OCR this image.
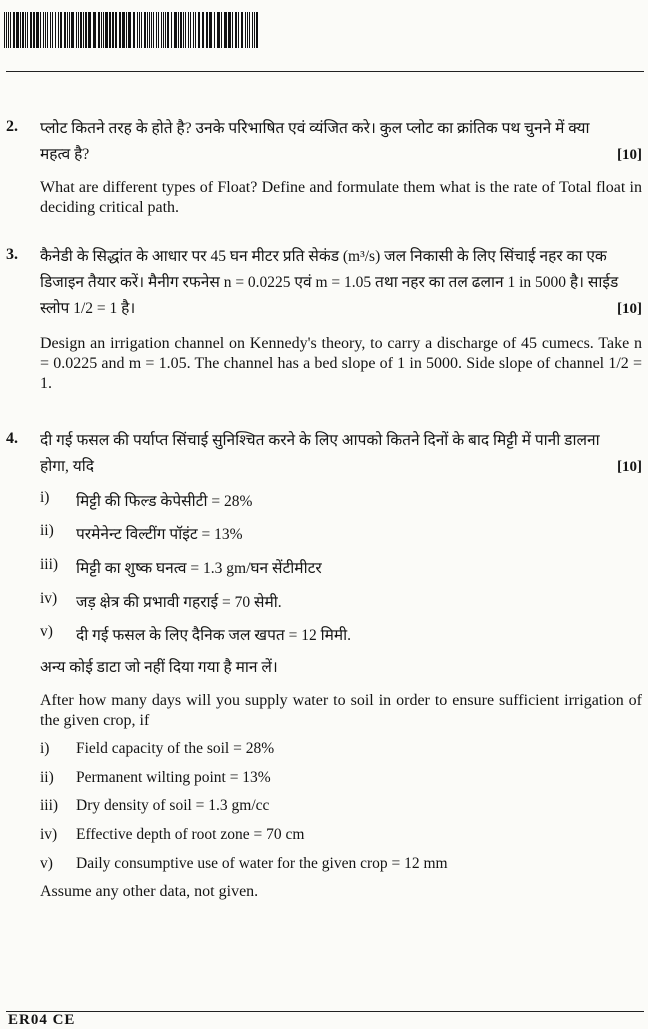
2. प्लोट कितने तरह के होते है? उनके परिभाषित एवं व्यंजित करे। कुल प्लोट का क्रांतिक पथ चुनने में क्या
महत्व है?	[10]
What are different types of Float? Define and formulate them what is the rate of Total float in deciding critical path.
3. कैनेडी के सिद्धांत के आधार पर 45 घन मीटर प्रति सेकंड (m³/s) जल निकासी के लिए सिंचाई नहर का एक
डिजाइन तैयार करें। मैनीग रफनेस n = 0.0225 एवं m = 1.05 तथा नहर का तल ढलान 1 in 5000 है। साईड
स्लोप 1/2 = 1 है।	[10]
Design an irrigation channel on Kennedy's theory, to carry a discharge of 45 cumecs. Take n = 0.0225 and m = 1.05. The channel has a bed slope of 1 in 5000. Side slope of channel 1/2 = 1.
4. दी गई फसल की पर्याप्त सिंचाई सुनिश्चित करने के लिए आपको कितने दिनों के बाद मिट्टी में पानी डालना
होगा, यदि	[10]
i) मिट्टी की फिल्ड केपेसीटी = 28%
ii) परमेनेन्ट विल्टींग पॉइंट = 13%
iii) मिट्टी का शुष्क घनत्व = 1.3 gm/घन सेंटीमीटर
iv) जड़ क्षेत्र की प्रभावी गहराई = 70 सेमी.
v) दी गई फसल के लिए दैनिक जल खपत = 12 मिमी.
अन्य कोई डाटा जो नहीं दिया गया है मान लें।
After how many days will you supply water to soil in order to ensure sufficient irrigation of the given crop, if
i) Field capacity of the soil = 28%
ii) Permanent wilting point = 13%
iii) Dry density of soil = 1.3 gm/cc
iv) Effective depth of root zone = 70 cm
v) Daily consumptive use of water for the given crop = 12 mm
Assume any other data, not given.
ER04 CE
